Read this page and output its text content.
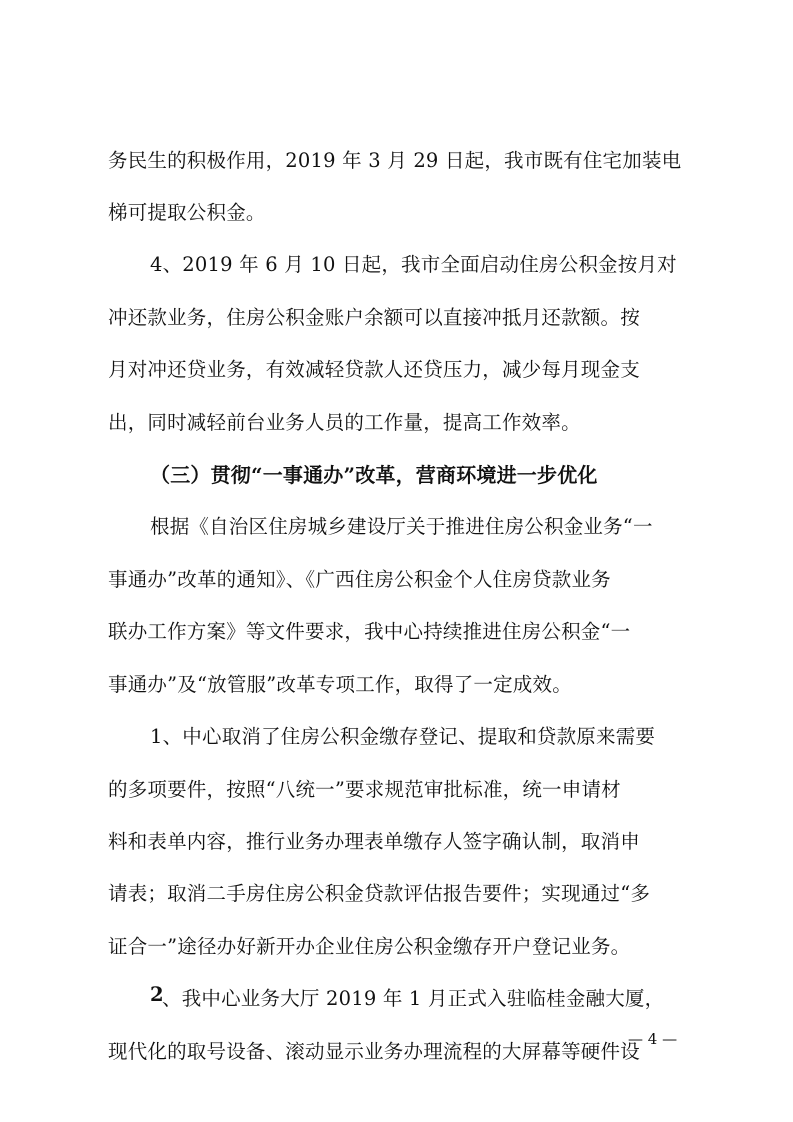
务民生的积极作用，2019 年 3 月 29 日起，我市既有住宅加装电
梯可提取公积金。
4、2019 年 6 月 10 日起，我市全面启动住房公积金按月对
冲还款业务，住房公积金账户余额可以直接冲抵月还款额。按
月对冲还贷业务，有效减轻贷款人还贷压力，减少每月现金支
出，同时减轻前台业务人员的工作量，提高工作效率。
（三）贯彻“一事通办”改革，营商环境进一步优化
根据《自治区住房城乡建设厅关于推进住房公积金业务“一
事通办”改革的通知》、《广西住房公积金个人住房贷款业务
联办工作方案》等文件要求，我中心持续推进住房公积金“一
事通办”及“放管服”改革专项工作，取得了一定成效。
1、中心取消了住房公积金缴存登记、提取和贷款原来需要
的多项要件，按照“八统一”要求规范审批标准，统一申请材
料和表单内容，推行业务办理表单缴存人签字确认制，取消申
请表；取消二手房住房公积金贷款评估报告要件；实现通过“多
证合一”途径办好新开办企业住房公积金缴存开户登记业务。
2
、我中心业务大厅 2019 年 1 月正式入驻临桂金融大厦，
现代化的取号设备、滚动显示业务办理流程的大屏幕等硬件设
— 4 —
